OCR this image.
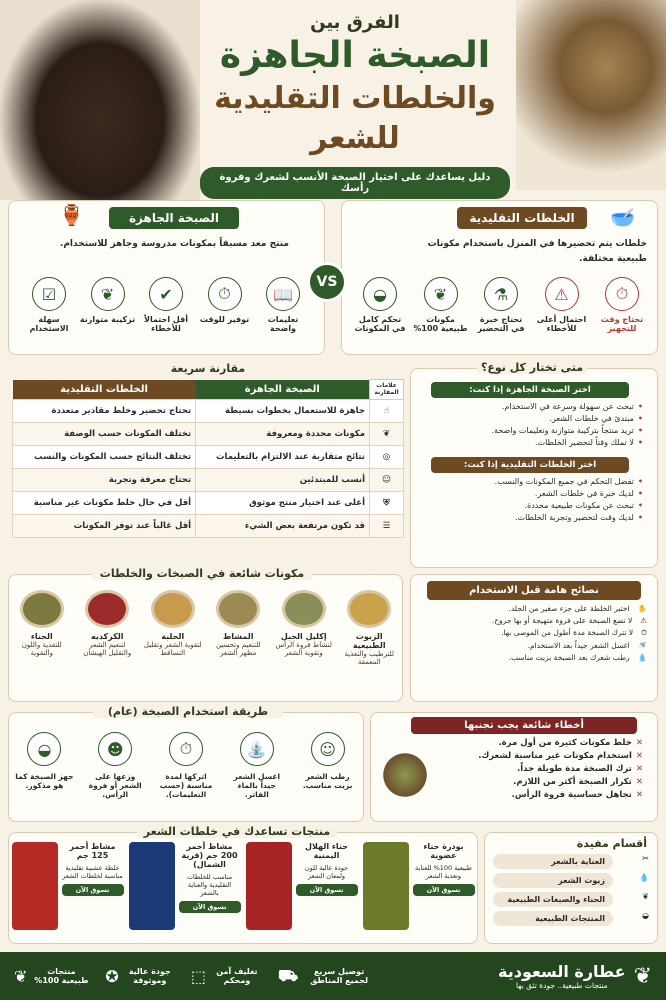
الفرق بين
الصبخة الجاهزة
والخلطات التقليدية للشعر
دليل يساعدك على اختيار الصبخة الأنسب لشعرك وفروة رأسك
الخلطات التقليدية	🥣
خلطات يتم تحضيرها في المنزل باستخدام مكونات طبيعية مختلفة.
⏱
تحتاج وقت للتجهيز
⚠
احتمال أعلى للأخطاء
⚗
تحتاج خبرة في التحضير
❦
مكونات طبيعية 100%
◒
تحكم كامل في المكونات
VS
الصبخة الجاهزة
🏺
منتج معد مسبقاً بمكونات مدروسة وجاهز للاستخدام.
📖
تعليمات واضحة
⏱
توفير للوقت
✔
أقل احتمالاً للأخطاء
❦
تركيبة متوازنة
☑
سهلة الاستخدام
متى تختار كل نوع؟
اختر الصبخة الجاهزة إذا كنت:
•تبحث عن سهولة وسرعة في الاستخدام.
•مبتدئ في خلطات الشعر.
•تريد منتجاً بتركيبة متوازنة وتعليمات واضحة.
•لا تملك وقتاً لتحضير الخلطات.
اختر الخلطات التقليدية إذا كنت:
•تفضل التحكم في جميع المكونات والنسب.
•لديك خبرة في خلطات الشعر.
•تبحث عن مكونات طبيعية محددة.
•لديك وقت لتحضير وتجربة الخلطات.
مقارنة سريعة
علامات المقارنة	الصبخة الجاهزة	الخلطات التقليدية
☝	جاهزة للاستعمال بخطوات بسيطة	تحتاج تحضير وخلط مقادير متعددة
❦	مكونات محددة ومعروفة	تختلف المكونات حسب الوصفة
◎	نتائج متقاربة عند الالتزام بالتعليمات	تختلف النتائج حسب المكونات والنسب
☺	أنسب للمبتدئين	تحتاج معرفة وتجربة
⛨	أعلى عند اختيار منتج موثوق	أقل في حال خلط مكونات غير مناسبة
☰	قد تكون مرتفعة بعض الشيء	أقل غالباً عند توفر المكونات
مكونات شائعة في الصبخات والخلطات
الزيوت الطبيعية
للترطيب والتغذية المعمقة
إكليل الجبل
لنشاط فروة الرأس وتقوية الشعر
المشاط
للتنعيم وتحسين مظهر الشعر
الحلبة
لتقوية الشعر وتقليل التساقط
الكركديه
لتنعيم الشعر والتقليل الهيشان
الحناء
للتغذية واللون والتقوية
نصائح هامة قبل الاستخدام
✋اختبر الخلطة على جزء صغير من الجلد.
⚠لا تضع الصبخة على فروة متهيجة أو بها جروح.
⏱لا تترك الصبخة مدة أطول من الموصى بها.
🚿اغسل الشعر جيداً بعد الاستخدام.
💧رطب شعرك بعد الصبخة بزيت مناسب.
طريقة استخدام الصبخة (عام)
☺
رطب الشعر بزيت مناسب.
⛲
اغسل الشعر جيداً بالماء الفاتر.
⏱
اتركها لمدة مناسبة (حسب التعليمات).
☻
وزعها على الشعر أو فروة الرأس.
◒
جهز الصبخة كما هو مذكور.
أخطاء شائعة يجب تجنبها
✕خلط مكونات كثيرة من أول مرة.
✕استخدام مكونات غير مناسبة لشعرك.
✕ترك الصبخة مدة طويلة جداً.
✕تكرار الصبخة أكثر من اللازم.
✕تجاهل حساسية فروة الرأس.
منتجات تساعدك في خلطات الشعر
بودرة حناء عضوية
طبيعية 100% للعناية وتغذية الشعر
تسوق الآن
حناء الهلال اليمنية
جودة عالية للون ولمعان الشعر
تسوق الآن
مشاط أحمر 200 جم (قرية الشمال)
مناسب للخلطات التقليدية والعناية بالشعر
تسوق الآن
مشاط أحمر 125 جم
خلطة عشبية تقليدية مناسبة لخلطات الشعر
تسوق الآن
أقسام مفيدة
✂
العناية بالشعر
💧
زيوت الشعر
❦
الحناء والصبغات الطبيعية
◒
المنتجات الطبيعية
❦
عطارة السعودية
منتجات طبيعية.. جودة تثق بها
توصيل سريع لجميع المناطق
⛟
تغليف آمن ومحكم
⬚
جودة عالية وموثوقة
✪
منتجات طبيعية 100%
❦
